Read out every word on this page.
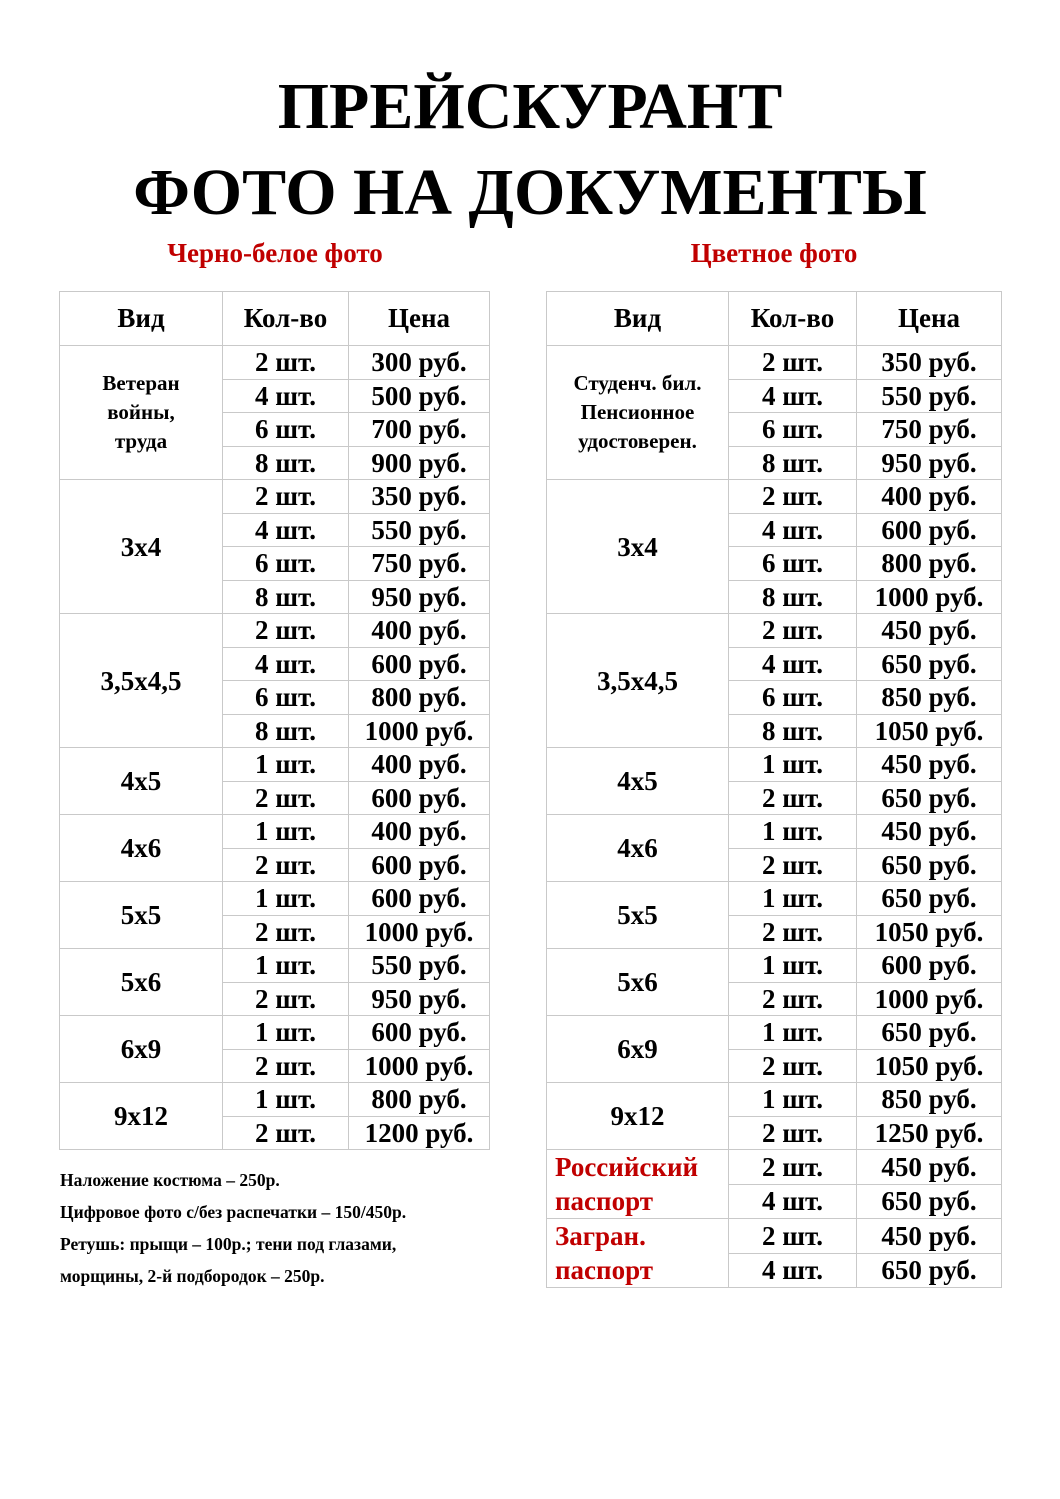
ПРЕЙСКУРАНТ
ФОТО НА ДОКУМЕНТЫ
Черно-белое фото	Цветное фото
Вид	Кол-во	Цена
Ветеран
войны,
труда	2 шт.	300 руб.
	4 шт.	500 руб.
	6 шт.	700 руб.
	8 шт.	900 руб.
3х4	2 шт.	350 руб.
	4 шт.	550 руб.
	6 шт.	750 руб.
	8 шт.	950 руб.
3,5х4,5	2 шт.	400 руб.
	4 шт.	600 руб.
	6 шт.	800 руб.
	8 шт.	1000 руб.
4х5	1 шт.	400 руб.
	2 шт.	600 руб.
4х6	1 шт.	400 руб.
	2 шт.	600 руб.
5х5	1 шт.	600 руб.
	2 шт.	1000 руб.
5х6	1 шт.	550 руб.
	2 шт.	950 руб.
6х9	1 шт.	600 руб.
	2 шт.	1000 руб.
9х12	1 шт.	800 руб.
	2 шт.	1200 руб.
Вид	Кол-во	Цена
Студенч. бил.
Пенсионное
удостоверен.	2 шт.	350 руб.
	4 шт.	550 руб.
	6 шт.	750 руб.
	8 шт.	950 руб.
3х4	2 шт.	400 руб.
	4 шт.	600 руб.
	6 шт.	800 руб.
	8 шт.	1000 руб.
3,5х4,5	2 шт.	450 руб.
	4 шт.	650 руб.
	6 шт.	850 руб.
	8 шт.	1050 руб.
4х5	1 шт.	450 руб.
	2 шт.	650 руб.
4х6	1 шт.	450 руб.
	2 шт.	650 руб.
5х5	1 шт.	650 руб.
	2 шт.	1050 руб.
5х6	1 шт.	600 руб.
	2 шт.	1000 руб.
6х9	1 шт.	650 руб.
	2 шт.	1050 руб.
9х12	1 шт.	850 руб.
	2 шт.	1250 руб.
Российский
паспорт	2 шт.	450 руб.
	4 шт.	650 руб.
Загран.
паспорт	2 шт.	450 руб.
	4 шт.	650 руб.

Наложение костюма – 250р.

Цифровое фото с/без распечатки – 150/450р.

Ретушь: прыщи – 100р.; тени под глазами,
морщины, 2-й подбородок – 250р.
